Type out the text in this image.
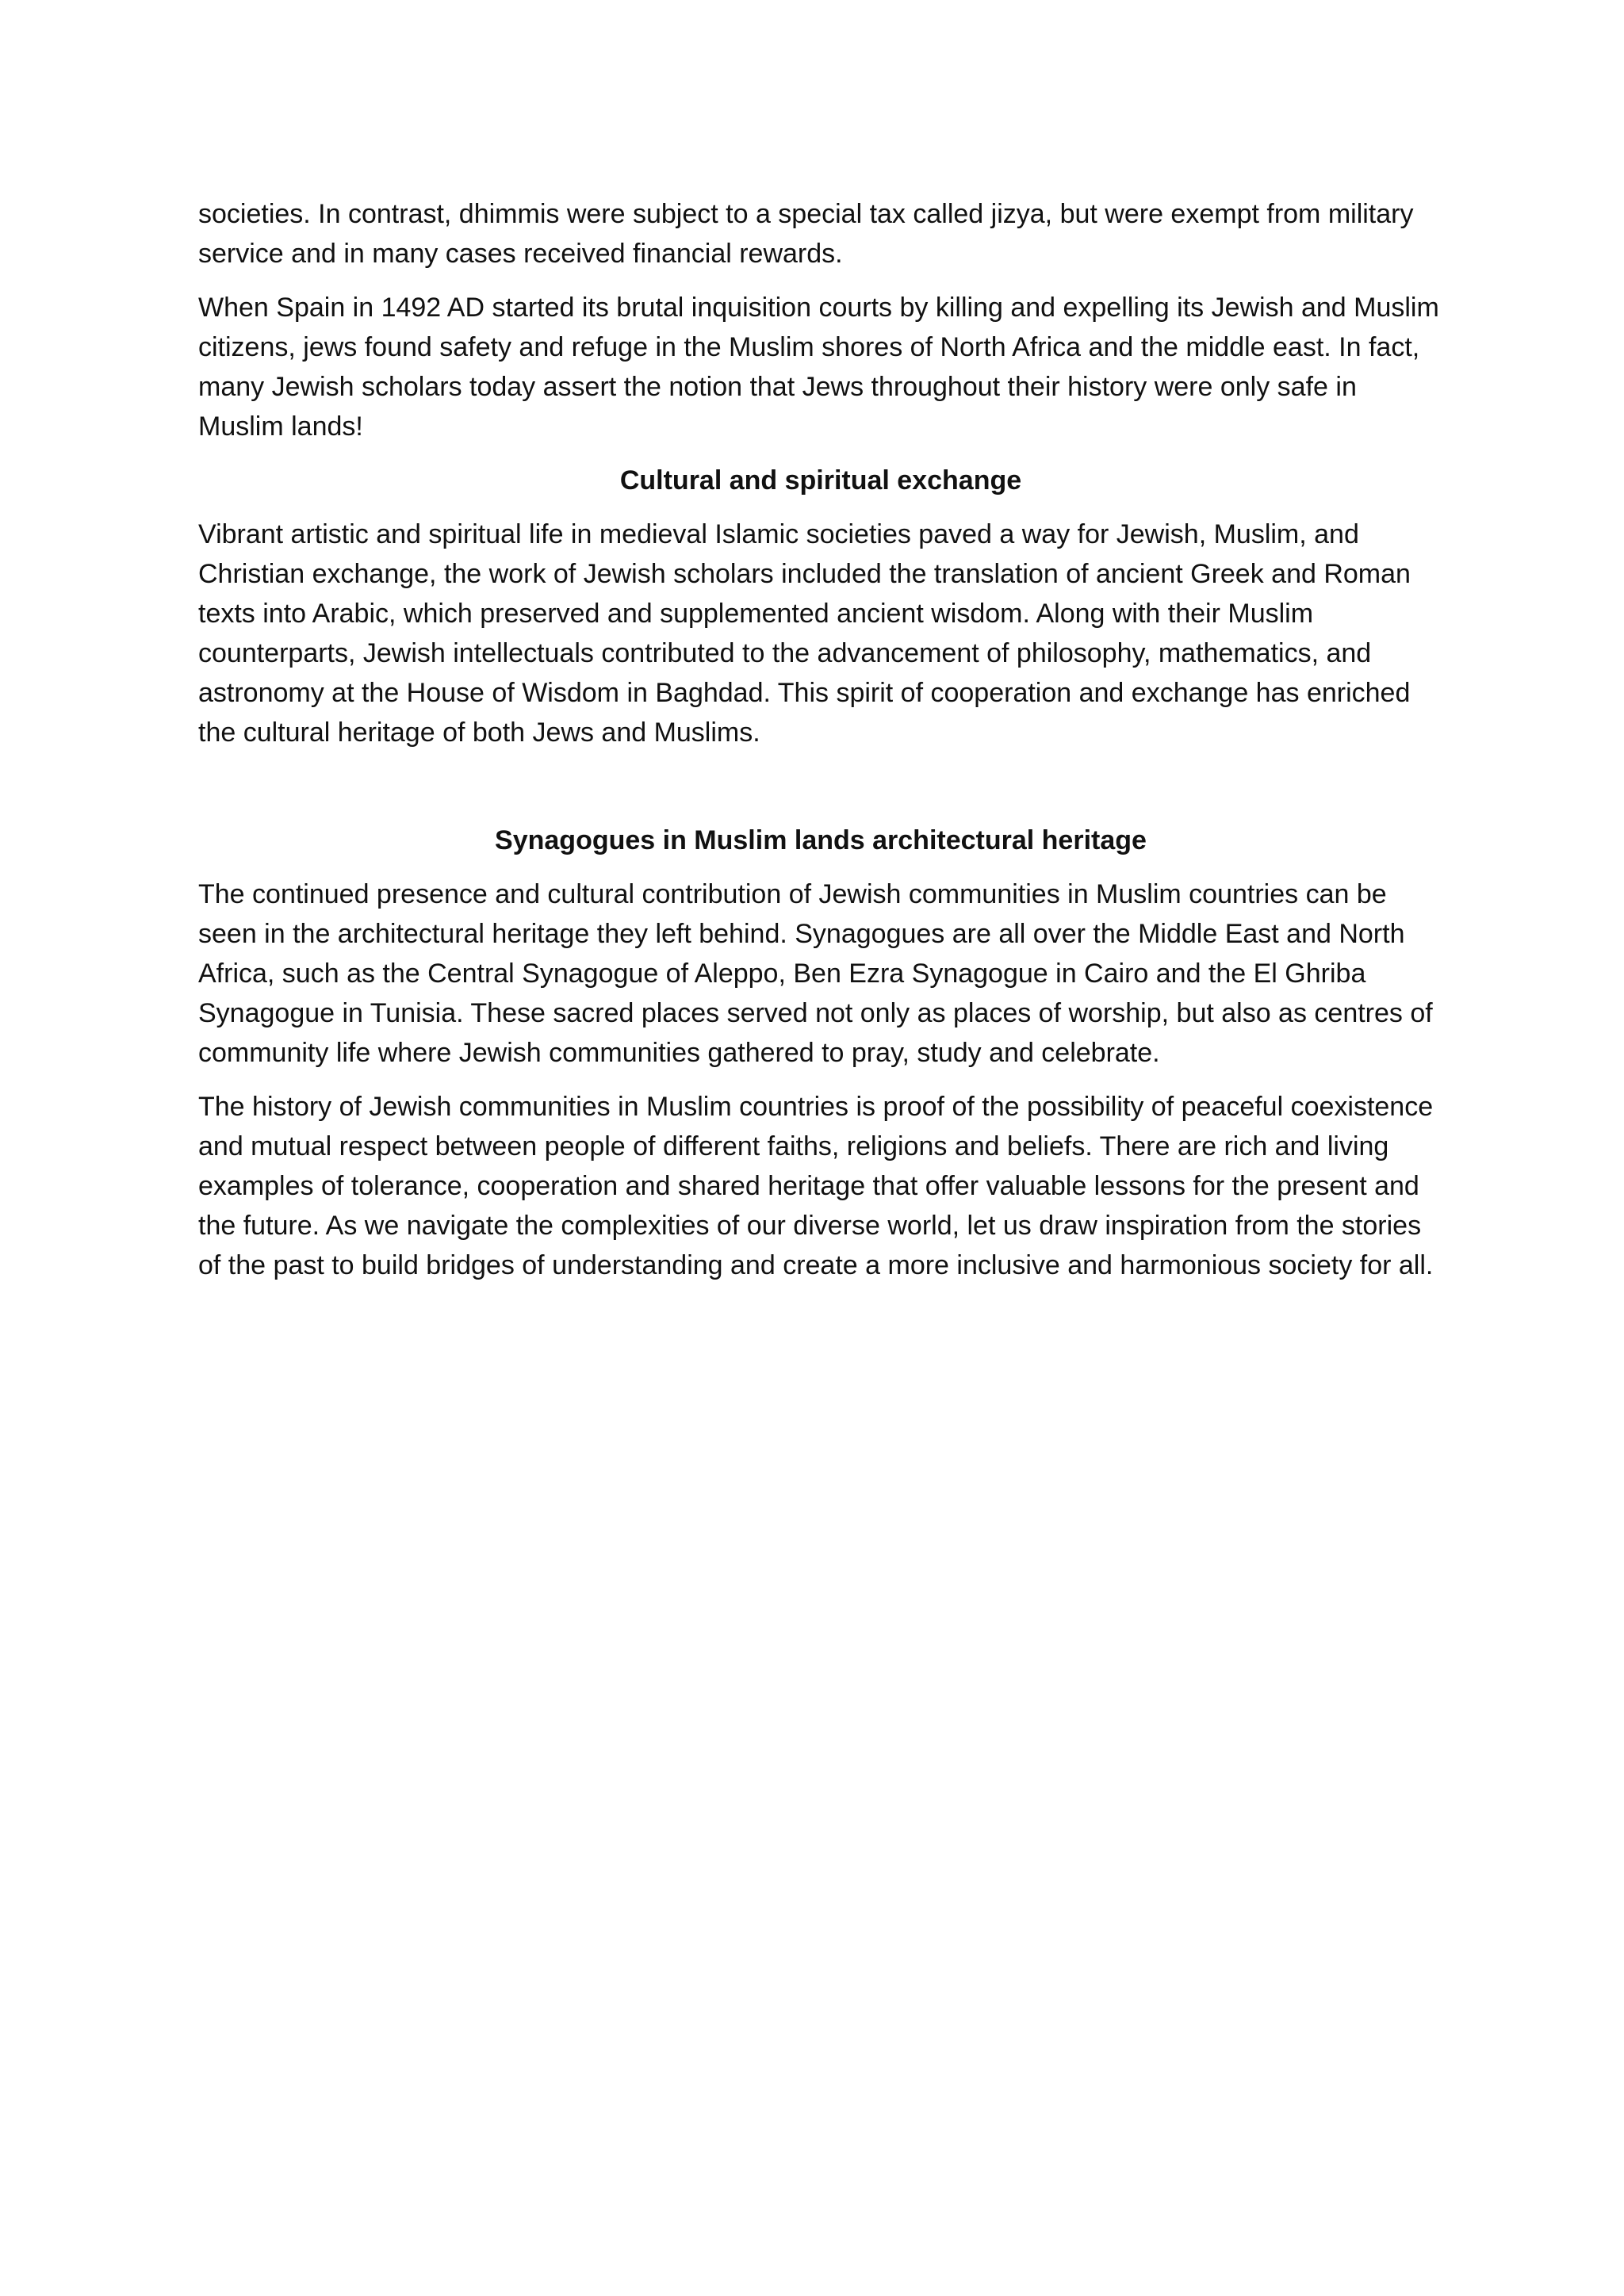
societies. In contrast, dhimmis were subject to a special tax called jizya, but were exempt from military service and in many cases received financial rewards.

When Spain in 1492 AD started its brutal inquisition courts by killing and expelling its Jewish and Muslim citizens, jews found safety and refuge in the Muslim shores of North Africa and the middle east. In fact, many Jewish scholars today assert the notion that Jews throughout their history were only safe in Muslim lands!

Cultural and spiritual exchange

Vibrant artistic and spiritual life in medieval Islamic societies paved a way for Jewish, Muslim, and Christian exchange, the work of Jewish scholars included the translation of ancient Greek and Roman texts into Arabic, which preserved and supplemented ancient wisdom. Along with their Muslim counterparts, Jewish intellectuals contributed to the advancement of philosophy, mathematics, and astronomy at the House of Wisdom in Baghdad. This spirit of cooperation and exchange has enriched the cultural heritage of both Jews and Muslims.

Synagogues in Muslim lands architectural heritage

The continued presence and cultural contribution of Jewish communities in Muslim countries can be seen in the architectural heritage they left behind. Synagogues are all over the Middle East and North Africa, such as the Central Synagogue of Aleppo, Ben Ezra Synagogue in Cairo and the El Ghriba Synagogue in Tunisia. These sacred places served not only as places of worship, but also as centres of community life where Jewish communities gathered to pray, study and celebrate.

The history of Jewish communities in Muslim countries is proof of the possibility of peaceful coexistence and mutual respect between people of different faiths, religions and beliefs. There are rich and living examples of tolerance, cooperation and shared heritage that offer valuable lessons for the present and the future. As we navigate the complexities of our diverse world, let us draw inspiration from the stories of the past to build bridges of understanding and create a more inclusive and harmonious society for all.
